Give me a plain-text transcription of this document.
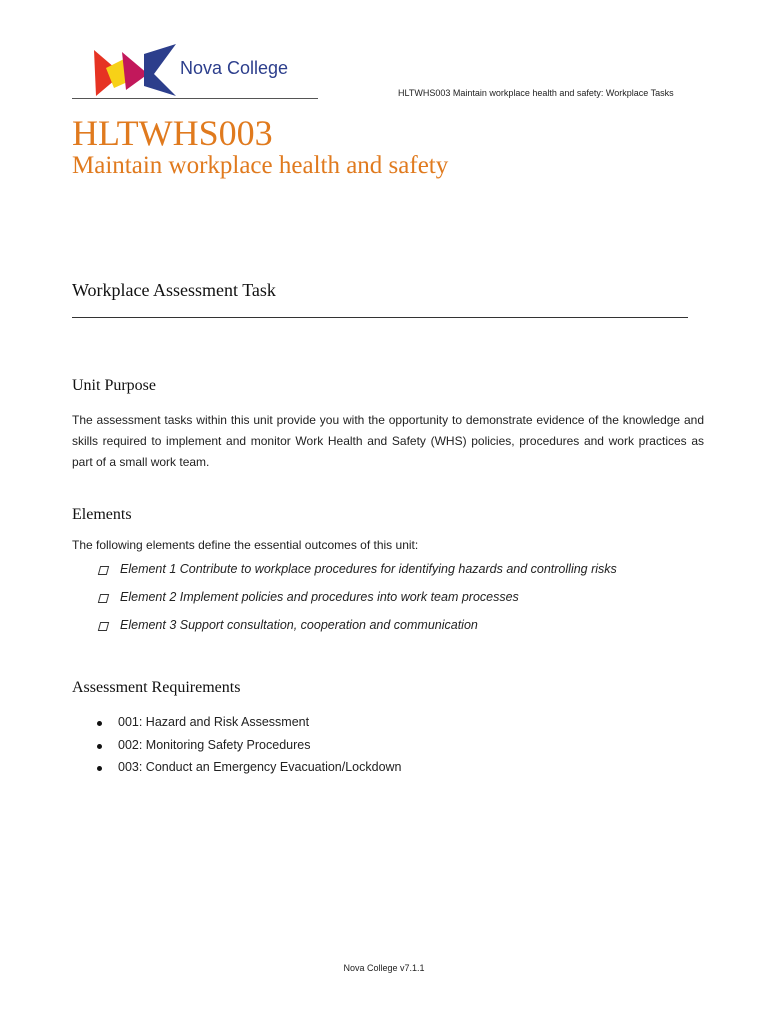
Nova College
HLTWHS003 Maintain workplace health and safety: Workplace Tasks
HLTWHS003
Maintain workplace health and safety
Workplace Assessment Task
Unit Purpose

The assessment tasks within this unit provide you with the opportunity to demonstrate evidence of the knowledge and skills required to implement and monitor Work Health and Safety (WHS) policies, procedures and work practices as part of a small work team.

Elements

The following elements define the essential outcomes of this unit:

Element 1 Contribute to workplace procedures for identifying hazards and controlling risks
Element 2 Implement policies and procedures into work team processes
Element 3 Support consultation, cooperation and communication
Assessment Requirements
001: Hazard and Risk Assessment
002: Monitoring Safety Procedures
003: Conduct an Emergency Evacuation/Lockdown
Nova College v7.1.1
